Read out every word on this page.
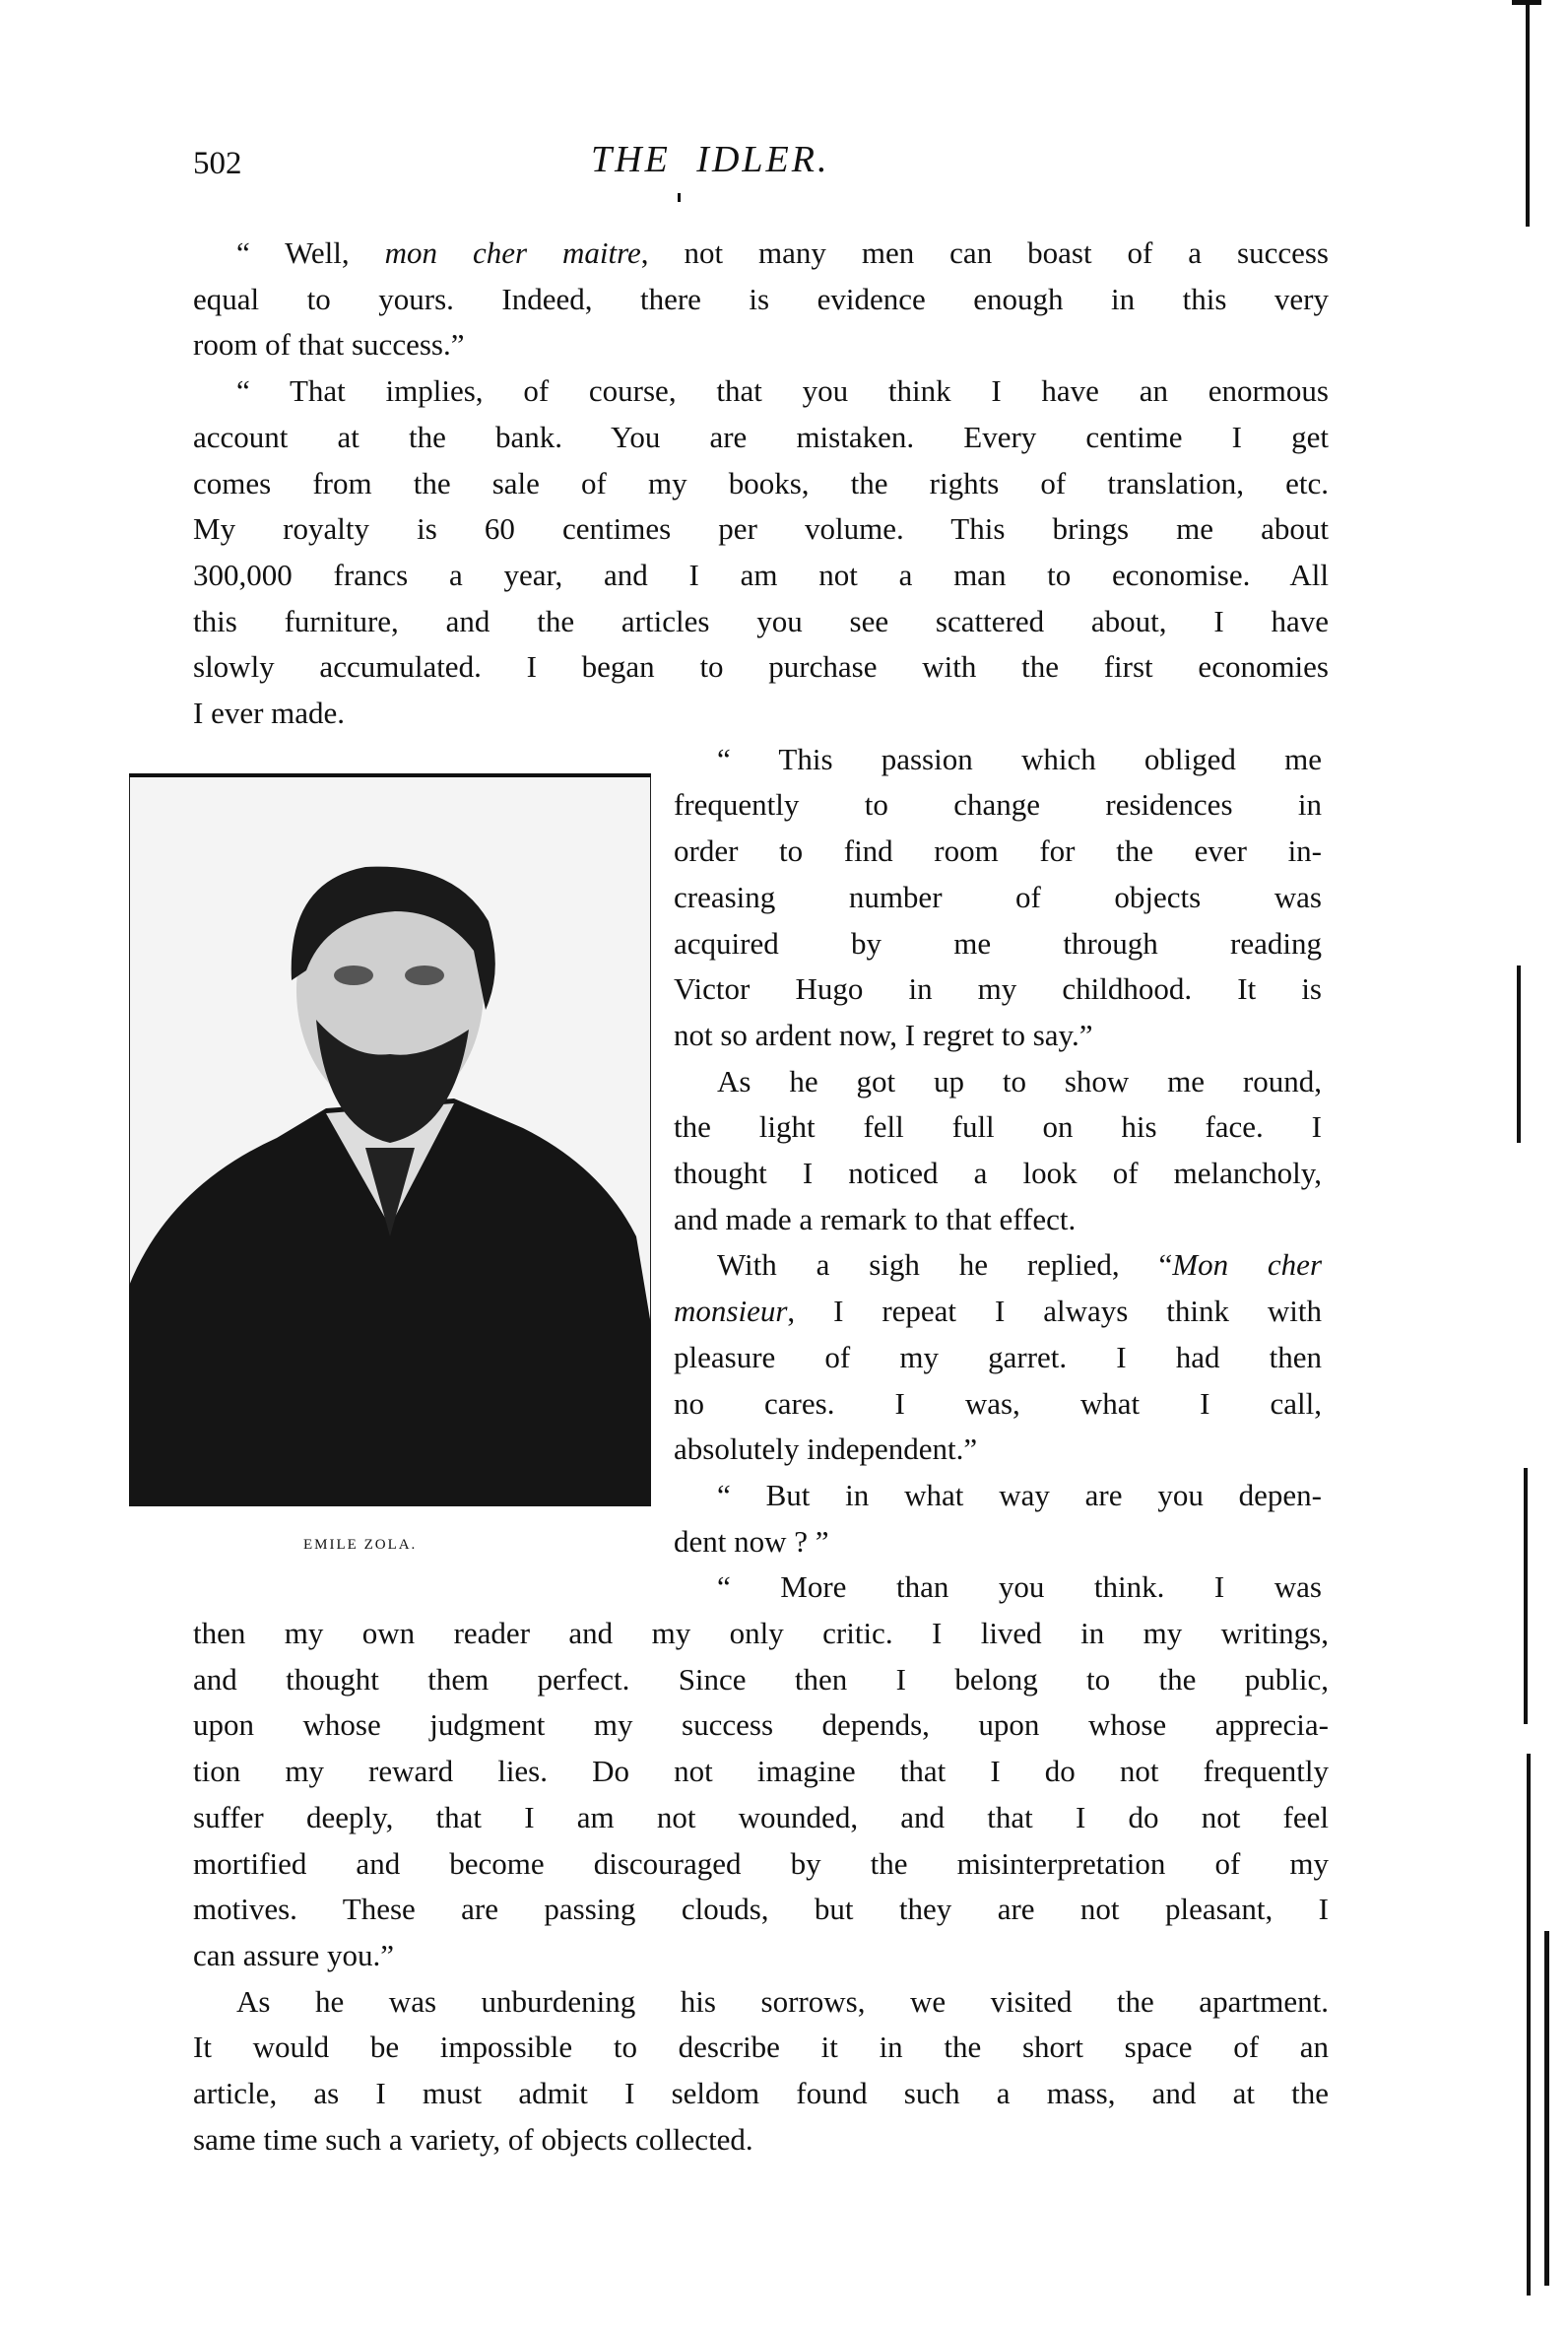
502	THE IDLER.
“ Well, mon cher maitre, not many men can boast of a success
equal to yours. Indeed, there is evidence enough in this very
room of that success.”
“ That implies, of course, that you think I have an enormous
account at the bank. You are mistaken. Every centime I get
comes from the sale of my books, the rights of translation, etc.
My royalty is 60 centimes per volume. This brings me about
300,000 francs a year, and I am not a man to economise. All
this furniture, and the articles you see scattered about, I have
slowly accumulated. I began to purchase with the first economies
I ever made.
“ This passion which obliged me
frequently to change residences in
order to find room for the ever in-
creasing number of objects was
acquired by me through reading
Victor Hugo in my childhood. It is
not so ardent now, I regret to say.”
As he got up to show me round,
the light fell full on his face. I
thought I noticed a look of melancholy,
and made a remark to that effect.
With a sigh he replied, “Mon cher
monsieur, I repeat I always think with
pleasure of my garret. I had then
no cares. I was, what I call,
absolutely independent.”
“ But in what way are you depen-
dent now ? ”
“ More than you think. I was
then my own reader and my only critic. I lived in my writings,
and thought them perfect. Since then I belong to the public,
upon whose judgment my success depends, upon whose apprecia-
tion my reward lies. Do not imagine that I do not frequently
suffer deeply, that I am not wounded, and that I do not feel
mortified and become discouraged by the misinterpretation of my
motives. These are passing clouds, but they are not pleasant, I
can assure you.”
As he was unburdening his sorrows, we visited the apartment.
It would be impossible to describe it in the short space of an
article, as I must admit I seldom found such a mass, and at the
same time such a variety, of objects collected.
EMILE ZOLA.
